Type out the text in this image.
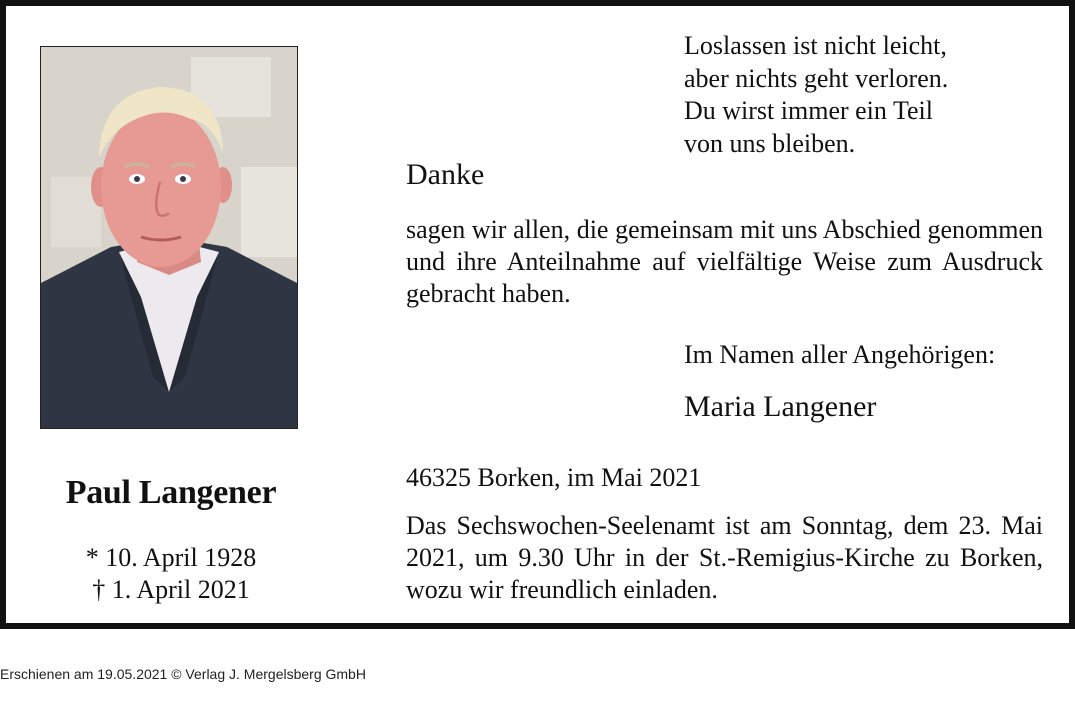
Paul Langener
* 10. April 1928
† 1. April 2021
Loslassen ist nicht leicht,
aber nichts geht verloren.
Du wirst immer ein Teil
von uns bleiben.
Danke
sagen wir allen, die gemeinsam mit uns Abschied genommen und ihre Anteilnahme auf vielfältige Weise zum Ausdruck gebracht haben.
Im Namen aller Angehörigen:
Maria Langener
46325 Borken, im Mai 2021
Das Sechswochen-Seelenamt ist am Sonntag, dem 23. Mai 2021, um 9.30 Uhr in der St.-Remigius-Kirche zu Borken, wozu wir freundlich einladen.
Erschienen am 19.05.2021 © Verlag J. Mergelsberg GmbH
